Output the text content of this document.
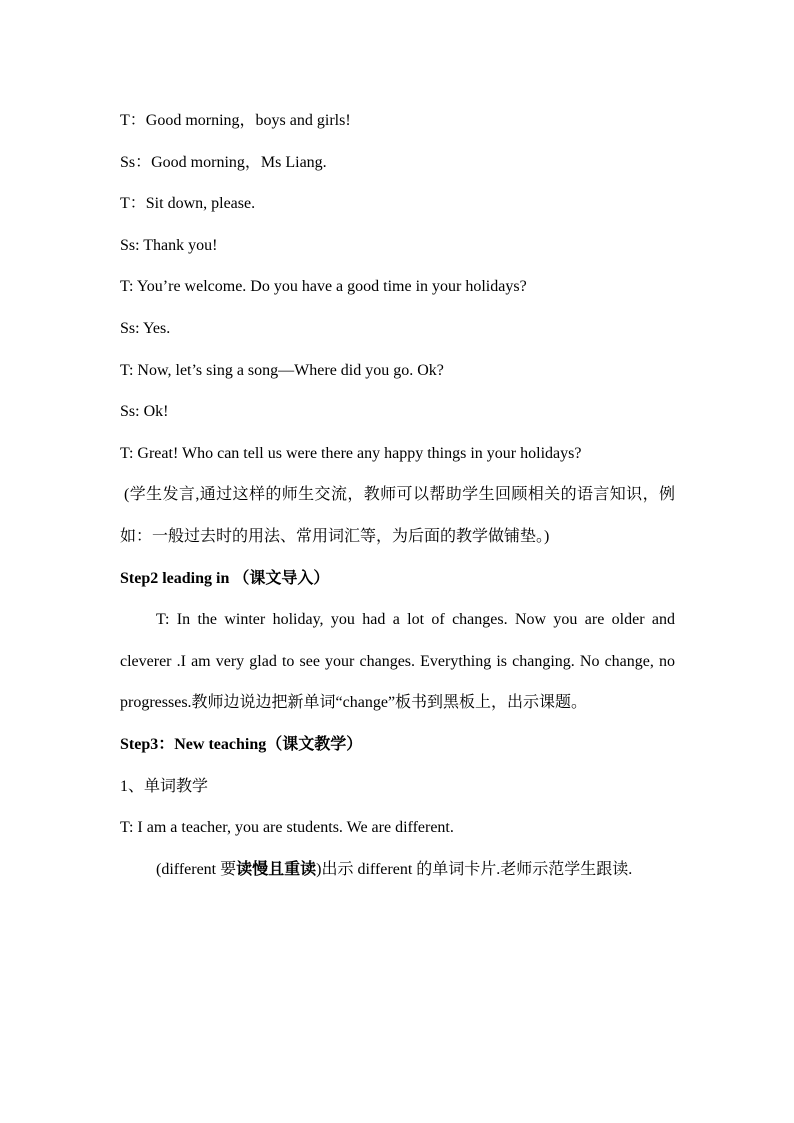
T：Good morning，boys and girls!
Ss：Good morning，Ms Liang.
T：Sit down, please.
Ss: Thank you!
T: You’re welcome. Do you have a good time in your holidays?
Ss: Yes.
T: Now, let’s sing a song—Where did you go. Ok?
Ss: Ok!
T: Great! Who can tell us were there any happy things in your holidays?

(学生发言,通过这样的师生交流，教师可以帮助学生回顾相关的语言知识，例如：一般过去时的用法、常用词汇等，为后面的教学做铺垫。)

Step2 leading in （课文导入）

T: In the winter holiday, you had a lot of changes. Now you are older and cleverer .I am very glad to see your changes. Everything is changing. No change, no progresses.教师边说边把新单词“change”板书到黑板上，出示课题。

Step3：New teaching（课文教学）
1、单词教学
T: I am a teacher, you are students. We are different.

(different 要读慢且重读)出示 different 的单词卡片.老师示范学生跟读.
